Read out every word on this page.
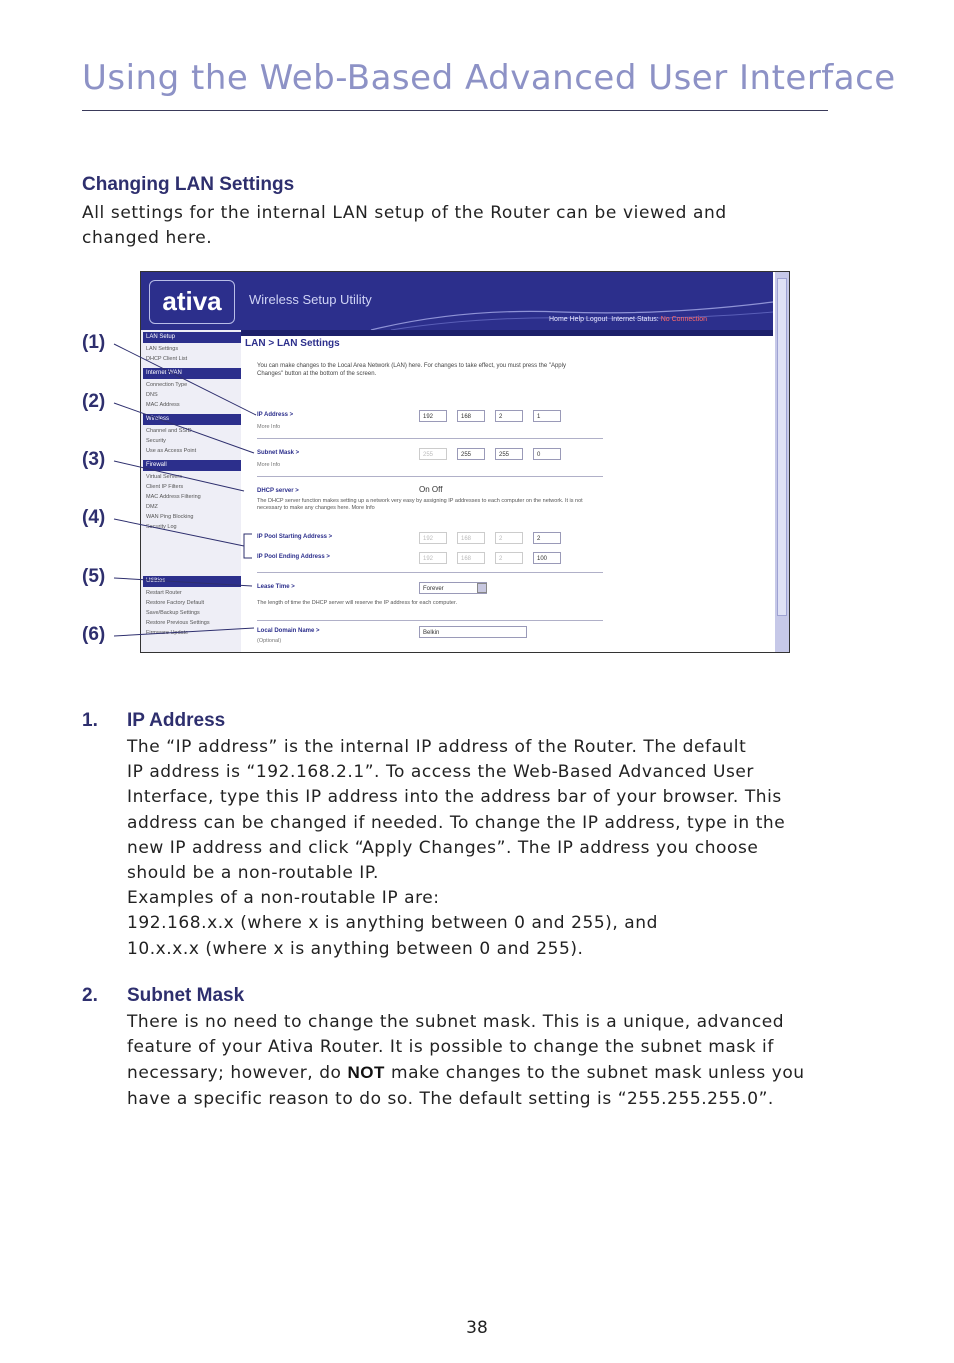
Using the Web-Based Advanced User Interface
Changing LAN Settings
All settings for the internal LAN setup of the Router can be viewed and changed here.
ativa	Wireless Setup Utility
Home Help Logout Internet Status: No Connection
LAN Setup
LAN Settings
DHCP Client List
Internet WAN
Connection Type
DNS
MAC Address
Wireless
Channel and SSID
Security
Use as Access Point
Firewall
Virtual Servers
Client IP Filters
MAC Address Filtering
DMZ
WAN Ping Blocking
Security Log
Utilities
Restart Router
Restore Factory Default
Save/Backup Settings
Restore Previous Settings
Firmware Update
LAN > LAN Settings
You can make changes to the Local Area Network (LAN) here. For changes to take effect, you must press the "Apply Changes" button at the bottom of the screen.
IP Address >
More Info
192	168	2	1
Subnet Mask >
More Info
255	255	255	0
DHCP server >	On Off
The DHCP server function makes setting up a network very easy by assigning IP addresses to each computer on the network. It is not necessary to make any changes here. More Info
IP Pool Starting Address >	192	168	2	2
IP Pool Ending Address >	192	168	2	100
Lease Time >	Forever
The length of time the DHCP server will reserve the IP address for each computer.
Local Domain Name >
(Optional)
Belkin
(1)
(2)
(3)
(4)
(5)
(6)
1. IP Address

The “IP address” is the internal IP address of the Router. The default

IP address is “192.168.2.1”. To access the Web-Based Advanced User

Interface, type this IP address into the address bar of your browser. This

address can be changed if needed. To change the IP address, type in the

new IP address and click “Apply Changes”. The IP address you choose

should be a non-routable IP.

Examples of a non-routable IP are:

192.168.x.x (where x is anything between 0 and 255), and

10.x.x.x (where x is anything between 0 and 255).

2. Subnet Mask

There is no need to change the subnet mask. This is a unique, advanced

feature of your Ativa Router. It is possible to change the subnet mask if

necessary; however, do NOT make changes to the subnet mask unless you

have a specific reason to do so. The default setting is “255.255.255.0”.

38
